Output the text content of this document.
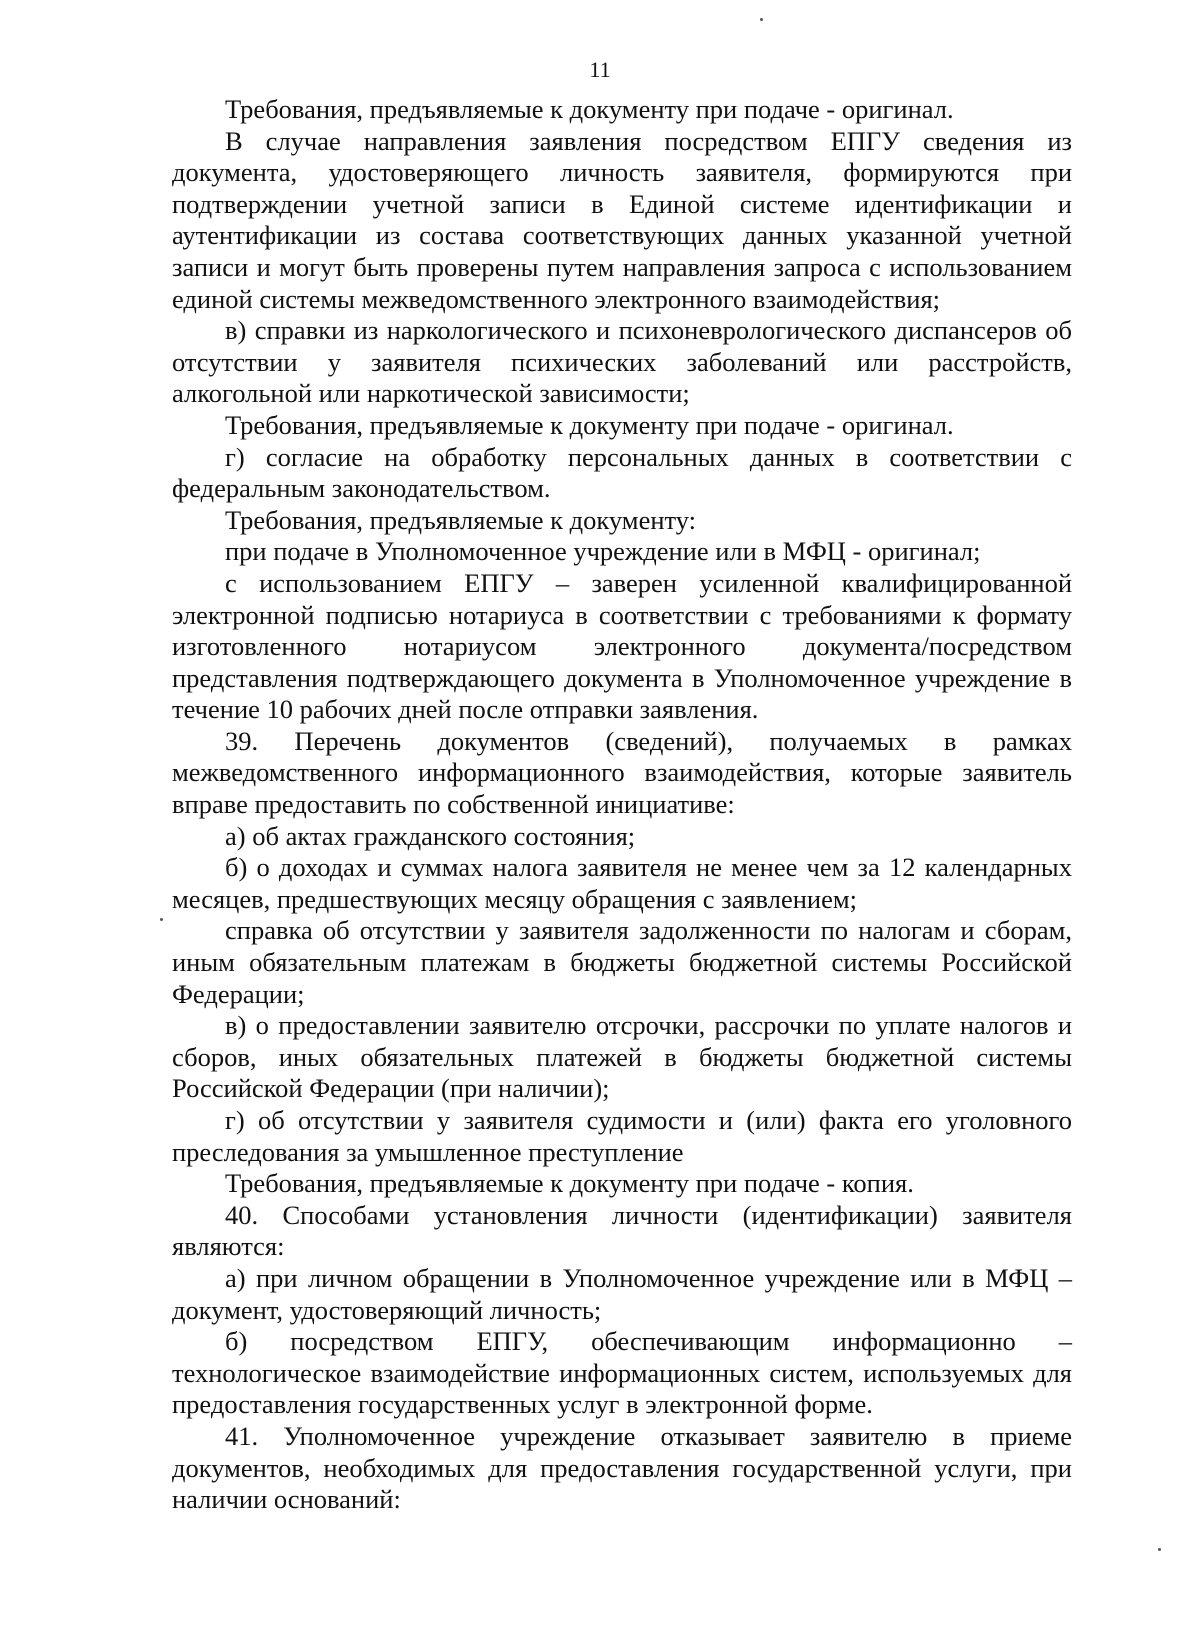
11

Требования, предъявляемые к документу при подаче - оригинал.

В случае направления заявления посредством ЕПГУ сведения из документа, удостоверяющего личность заявителя, формируются при подтверждении учетной записи в Единой системе идентификации и аутентификации из состава соответствующих данных указанной учетной записи и могут быть проверены путем направления запроса с использованием единой системы межведомственного электронного взаимодействия;

в) справки из наркологического и психоневрологического диспансеров об отсутствии у заявителя психических заболеваний или расстройств, алкогольной или наркотической зависимости;

Требования, предъявляемые к документу при подаче - оригинал.

г) согласие на обработку персональных данных в соответствии с федеральным законодательством.

Требования, предъявляемые к документу:

при подаче в Уполномоченное учреждение или в МФЦ - оригинал;

с использованием ЕПГУ – заверен усиленной квалифицированной электронной подписью нотариуса в соответствии с требованиями к формату изготовленного нотариусом электронного документа/посредством представления подтверждающего документа в Уполномоченное учреждение в течение 10 рабочих дней после отправки заявления.

39. Перечень документов (сведений), получаемых в рамках межведомственного информационного взаимодействия, которые заявитель вправе предоставить по собственной инициативе:

а) об актах гражданского состояния;

б) о доходах и суммах налога заявителя не менее чем за 12 календарных месяцев, предшествующих месяцу обращения с заявлением;

справка об отсутствии у заявителя задолженности по налогам и сборам, иным обязательным платежам в бюджеты бюджетной системы Российской Федерации;

в) о предоставлении заявителю отсрочки, рассрочки по уплате налогов и сборов, иных обязательных платежей в бюджеты бюджетной системы Российской Федерации (при наличии);

г) об отсутствии у заявителя судимости и (или) факта его уголовного преследования за умышленное преступление

Требования, предъявляемые к документу при подаче - копия.

40. Способами установления личности (идентификации) заявителя являются:

а) при личном обращении в Уполномоченное учреждение или в МФЦ – документ, удостоверяющий личность;

б) посредством ЕПГУ, обеспечивающим информационно – технологическое взаимодействие информационных систем, используемых для предоставления государственных услуг в электронной форме.

41. Уполномоченное учреждение отказывает заявителю в приеме документов, необходимых для предоставления государственной услуги, при наличии оснований:
